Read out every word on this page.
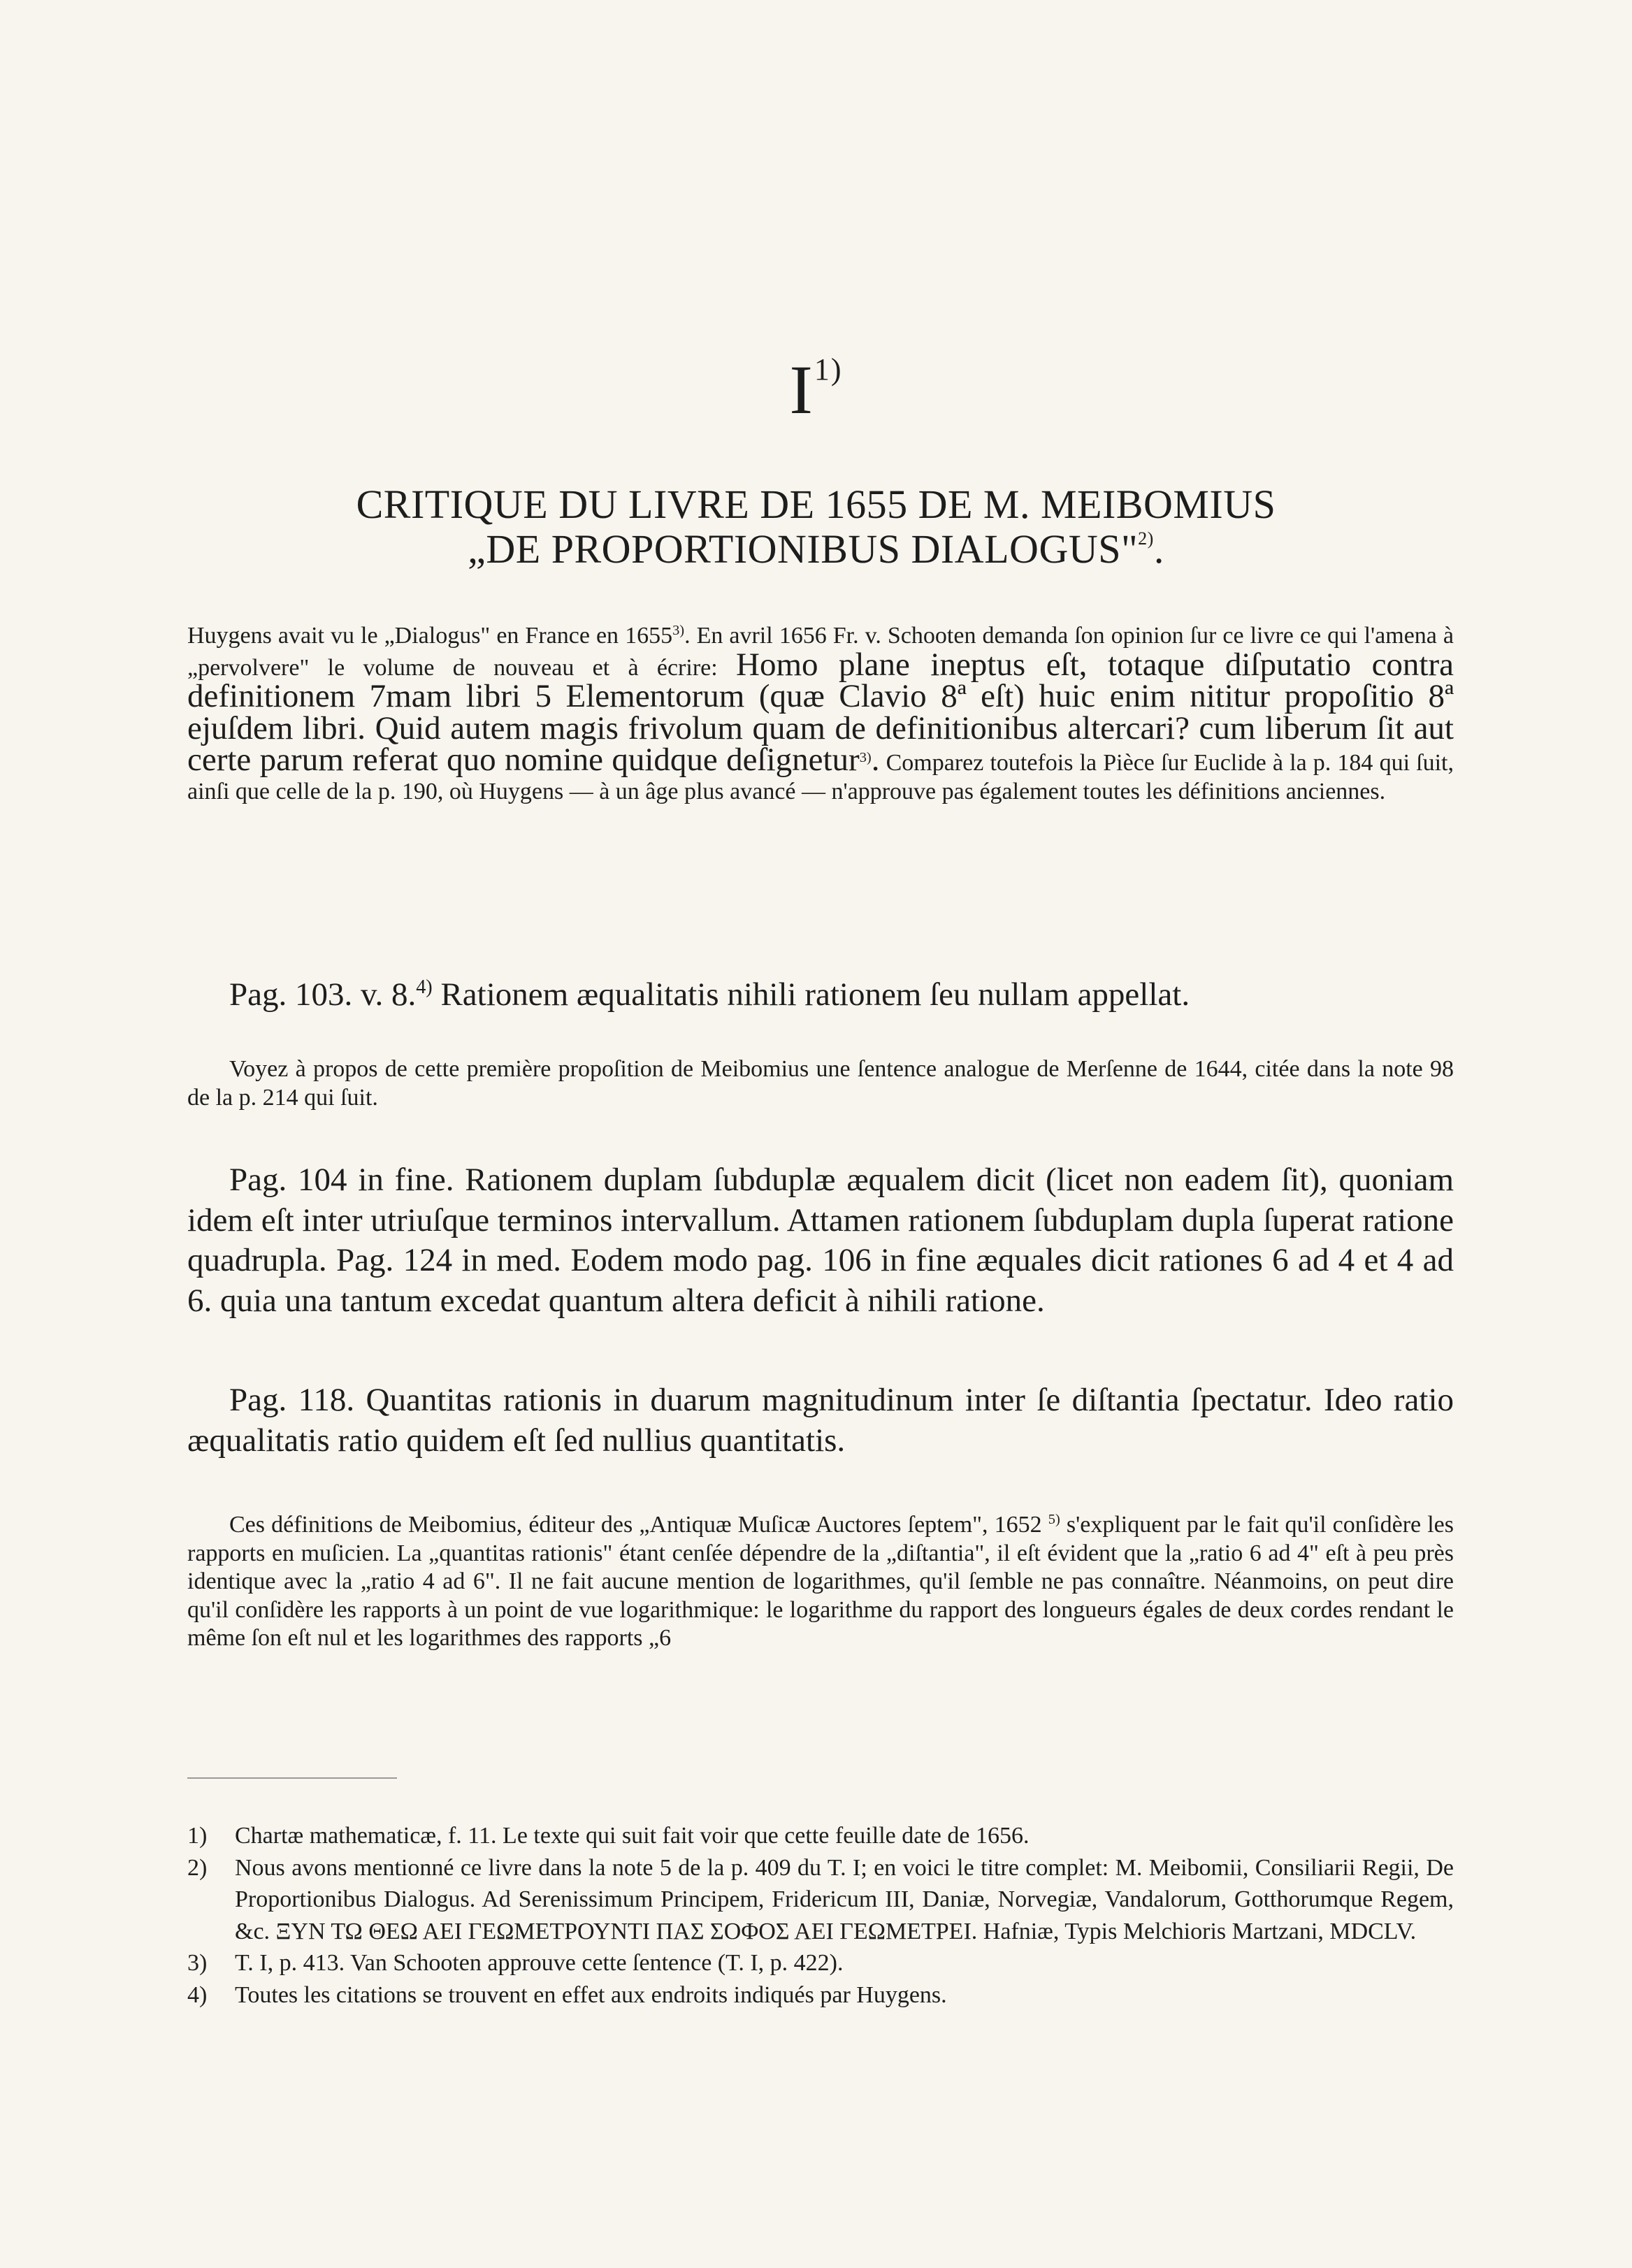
$I^{1)}$
CRITIQUE DU LIVRE DE 1655 DE M. MEIBOMIUS
„DE PROPORTIONIBUS DIALOGUS"$^{2)}$.
Huygens avait vu le „Dialogus" en France en 1655$^{3)}$. En avril 1656 Fr. v. Schooten demanda ſon opinion ſur ce livre ce qui l'amena à „pervolvere" le volume de nouveau et à écrire: Homo plane ineptus eſt, totaque diſputatio contra definitionem 7mam libri 5 Elementorum (quæ Clavio 8ª eſt) huic enim nititur propoſitio 8ª ejuſdem libri. Quid autem magis frivolum quam de definitionibus altercari? cum liberum ſit aut certe parum referat quo nomine quidque deſignetur$^{3)}$. Comparez toutefois la Pièce ſur Euclide à la p. 184 qui ſuit, ainſi que celle de la p. 190, où Huygens — à un âge plus avancé — n'approuve pas également toutes les définitions anciennes.
Pag. 103. v. 8.$^{4)}$ Rationem æqualitatis nihili rationem ſeu nullam appellat.
Voyez à propos de cette première propoſition de Meibomius une ſentence analogue de Merſenne de 1644, citée dans la note 98 de la p. 214 qui ſuit.
Pag. 104 in fine. Rationem duplam ſubduplæ æqualem dicit (licet non eadem ſit), quoniam idem eſt inter utriuſque terminos intervallum. Attamen rationem ſubduplam dupla ſuperat ratione quadrupla. Pag. 124 in med. Eodem modo pag. 106 in fine æquales dicit rationes 6 ad 4 et 4 ad 6. quia una tantum excedat quantum altera deficit à nihili ratione.
Pag. 118. Quantitas rationis in duarum magnitudinum inter ſe diſtantia ſpectatur. Ideo ratio æqualitatis ratio quidem eſt ſed nullius quantitatis.
Ces définitions de Meibomius, éditeur des „Antiquæ Muſicæ Auctores ſeptem", 1652 $^{5)}$ s'expliquent par le fait qu'il conſidère les rapports en muſicien. La „quantitas rationis" étant cenſée dépendre de la „diſtantia", il eſt évident que la „ratio 6 ad 4" eſt à peu près identique avec la „ratio 4 ad 6". Il ne fait aucune mention de logarithmes, qu'il ſemble ne pas connaître. Néanmoins, on peut dire qu'il conſidère les rapports à un point de vue logarithmique: le logarithme du rapport des longueurs égales de deux cordes rendant le même ſon eſt nul et les logarithmes des rapports „6
1) Chartæ mathematicæ, f. 11. Le texte qui suit fait voir que cette feuille date de 1656.
2) Nous avons mentionné ce livre dans la note 5 de la p. 409 du T. I; en voici le titre complet: M. Meibomii, Consiliarii Regii, De Proportionibus Dialogus. Ad Serenissimum Principem, Fridericum III, Daniæ, Norvegiæ, Vandalorum, Gotthorumque Regem, &c. ΞΥΝ ΤΩ ΘΕΩ ΑΕΙ ΓΕΩΜΕΤΡΟΥΝΤΙ ΠΑΣ ΣΟΦΟΣ ΑΕΙ ΓΕΩΜΕΤΡΕΙ. Hafniæ, Typis Melchioris Martzani, MDCLV.
3) T. I, p. 413. Van Schooten approuve cette ſentence (T. I, p. 422).
4) Toutes les citations se trouvent en effet aux endroits indiqués par Huygens.
